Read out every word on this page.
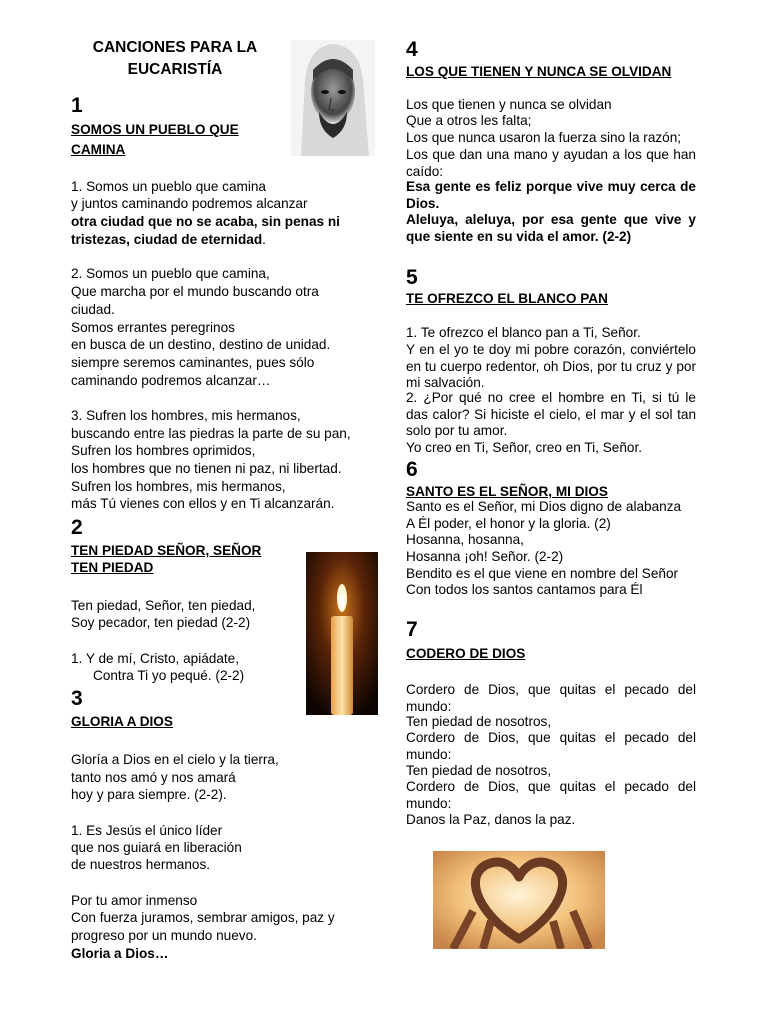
CANCIONES PARA LA EUCARISTÍA
1
SOMOS UN PUEBLO QUE
CAMINA
1. Somos un pueblo que camina
y juntos caminando podremos alcanzar
otra ciudad que no se acaba, sin penas ni
tristezas, ciudad de eternidad.
2. Somos un pueblo que camina,
Que marcha por el mundo buscando otra
ciudad.
Somos errantes peregrinos
en busca de un destino, destino de unidad.
siempre seremos caminantes, pues sólo
caminando podremos alcanzar…
3. Sufren los hombres, mis hermanos,
buscando entre las piedras la parte de su pan,
Sufren los hombres oprimidos,
los hombres que no tienen ni paz, ni libertad.
Sufren los hombres, mis hermanos,
más Tú vienes con ellos y en Ti alcanzarán.
2
TEN PIEDAD SEÑOR, SEÑOR
TEN PIEDAD
Ten piedad, Señor, ten piedad,
Soy pecador, ten piedad (2-2)
1. Y de mí, Cristo, apiádate,
Contra Ti yo pequé. (2-2)
3
GLORIA A DIOS
Gloría a Dios en el cielo y la tierra,
tanto nos amó y nos amará
hoy y para siempre. (2-2).
1. Es Jesús el único líder
que nos guiará en liberación
de nuestros hermanos.
Por tu amor inmenso
Con fuerza juramos, sembrar amigos, paz y
progreso por un mundo nuevo.
Gloria a Dios…
4
LOS QUE TIENEN Y NUNCA SE OLVIDAN
Los que tienen y nunca se olvidan
Que a otros les falta;
Los que nunca usaron la fuerza sino la razón;
Los que dan una mano y ayudan a los que han caído:
Esa gente es feliz porque vive muy cerca de Dios.
Aleluya, aleluya, por esa gente que vive y que siente en su vida el amor. (2-2)
5
TE OFREZCO EL BLANCO PAN
1. Te ofrezco el blanco pan a Ti, Señor.
Y en el yo te doy mi pobre corazón, conviértelo en tu cuerpo redentor, oh Dios, por tu cruz y por mi salvación.
2. ¿Por qué no cree el hombre en Ti, si tú le das calor? Si hiciste el cielo, el mar y el sol tan solo por tu amor.
Yo creo en Ti, Señor, creo en Ti, Señor.
6
SANTO ES EL SEÑOR, MI DIOS
Santo es el Señor, mi Dios digno de alabanza
A Él poder, el honor y la gloria. (2)
Hosanna, hosanna,
Hosanna ¡oh! Señor. (2-2)
Bendito es el que viene en nombre del Señor
Con todos los santos cantamos para Él
7
CODERO DE DIOS
Cordero de Dios, que quitas el pecado del mundo:
Ten piedad de nosotros,
Cordero de Dios, que quitas el pecado del mundo:
Ten piedad de nosotros,
Cordero de Dios, que quitas el pecado del mundo:
Danos la Paz, danos la paz.
